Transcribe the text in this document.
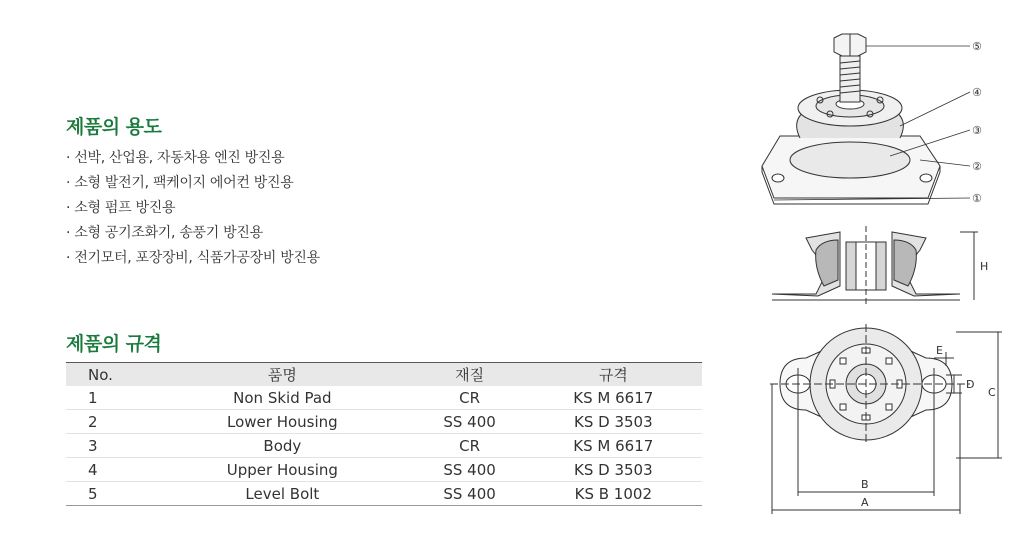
제품의 용도
· 선박, 산업용, 자동차용 엔진 방진용
· 소형 발전기, 팩케이지 에어컨 방진용
· 소형 펌프 방진용
· 소형 공기조화기, 송풍기 방진용
· 전기모터, 포장장비, 식품가공장비 방진용
제품의 규격
No.	품명	재질	규격
1	Non Skid Pad	CR	KS M 6617
2	Lower Housing	SS 400	KS D 3503
3	Body	CR	KS M 6617
4	Upper Housing	SS 400	KS D 3503
5	Level Bolt	SS 400	KS B 1002
⑤
④
③
②
①
H
E
D
C
B
A
